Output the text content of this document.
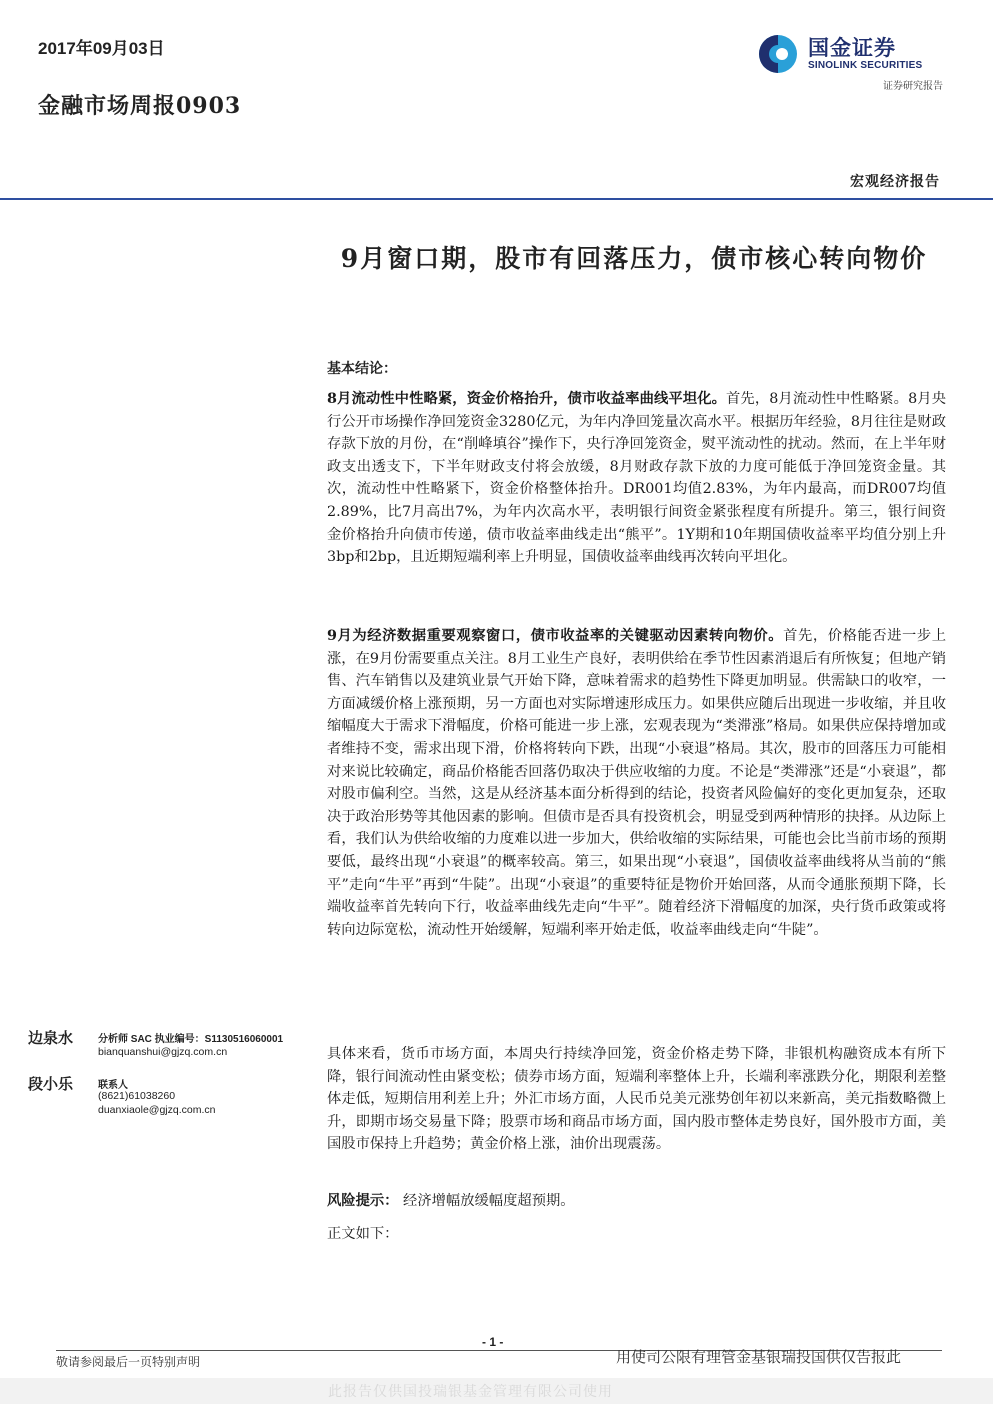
2017年09月03日
金融市场周报0903
国金证券
SINOLINK SECURITIES
证券研究报告
宏观经济报告
9月窗口期，股市有回落压力，债市核心转向物价
基本结论：
8月流动性中性略紧，资金价格抬升，债市收益率曲线平坦化。首先，8月流动性中性略紧。8月央行公开市场操作净回笼资金3280亿元，为年内净回笼量次高水平。根据历年经验，8月往往是财政存款下放的月份，在“削峰填谷”操作下，央行净回笼资金，熨平流动性的扰动。然而，在上半年财政支出透支下，下半年财政支付将会放缓，8月财政存款下放的力度可能低于净回笼资金量。其次，流动性中性略紧下，资金价格整体抬升。DR001均值2.83%，为年内最高，而DR007均值2.89%，比7月高出7%，为年内次高水平，表明银行间资金紧张程度有所提升。第三，银行间资金价格抬升向债市传递，债市收益率曲线走出“熊平”。1Y期和10年期国债收益率平均值分别上升3bp和2bp，且近期短端利率上升明显，国债收益率曲线再次转向平坦化。
9月为经济数据重要观察窗口，债市收益率的关键驱动因素转向物价。首先，价格能否进一步上涨，在9月份需要重点关注。8月工业生产良好，表明供给在季节性因素消退后有所恢复；但地产销售、汽车销售以及建筑业景气开始下降，意味着需求的趋势性下降更加明显。供需缺口的收窄，一方面减缓价格上涨预期，另一方面也对实际增速形成压力。如果供应随后出现进一步收缩，并且收缩幅度大于需求下滑幅度，价格可能进一步上涨，宏观表现为“类滞涨”格局。如果供应保持增加或者维持不变，需求出现下滑，价格将转向下跌，出现“小衰退”格局。其次，股市的回落压力可能相对来说比较确定，商品价格能否回落仍取决于供应收缩的力度。不论是“类滞涨”还是“小衰退”，都对股市偏利空。当然，这是从经济基本面分析得到的结论，投资者风险偏好的变化更加复杂，还取决于政治形势等其他因素的影响。但债市是否具有投资机会，明显受到两种情形的抉择。从边际上看，我们认为供给收缩的力度难以进一步加大，供给收缩的实际结果，可能也会比当前市场的预期要低，最终出现“小衰退”的概率较高。第三，如果出现“小衰退”，国债收益率曲线将从当前的“熊平”走向“牛平”再到“牛陡”。出现“小衰退”的重要特征是物价开始回落，从而令通胀预期下降，长端收益率首先转向下行，收益率曲线先走向“牛平”。随着经济下滑幅度的加深，央行货币政策或将转向边际宽松，流动性开始缓解，短端利率开始走低，收益率曲线走向“牛陡”。
具体来看，货币市场方面，本周央行持续净回笼，资金价格走势下降，非银机构融资成本有所下降，银行间流动性由紧变松；债券市场方面，短端利率整体上升，长端利率涨跌分化，期限利差整体走低，短期信用利差上升；外汇市场方面，人民币兑美元涨势创年初以来新高，美元指数略微上升，即期市场交易量下降；股票市场和商品市场方面，国内股市整体走势良好，国外股市方面，美国股市保持上升趋势；黄金价格上涨，油价出现震荡。
风险提示： 经济增幅放缓幅度超预期。
正文如下：
边泉水 分析师 SAC 执业编号：S1130516060001
bianquanshui@gjzq.com.cn
段小乐 联系人
(8621)61038260
duanxiaole@gjzq.com.cn
- 1 -
敬请参阅最后一页特别声明	用使司公限有理管金基银瑞投国供仅告报此
此报告仅供国投瑞银基金管理有限公司使用
